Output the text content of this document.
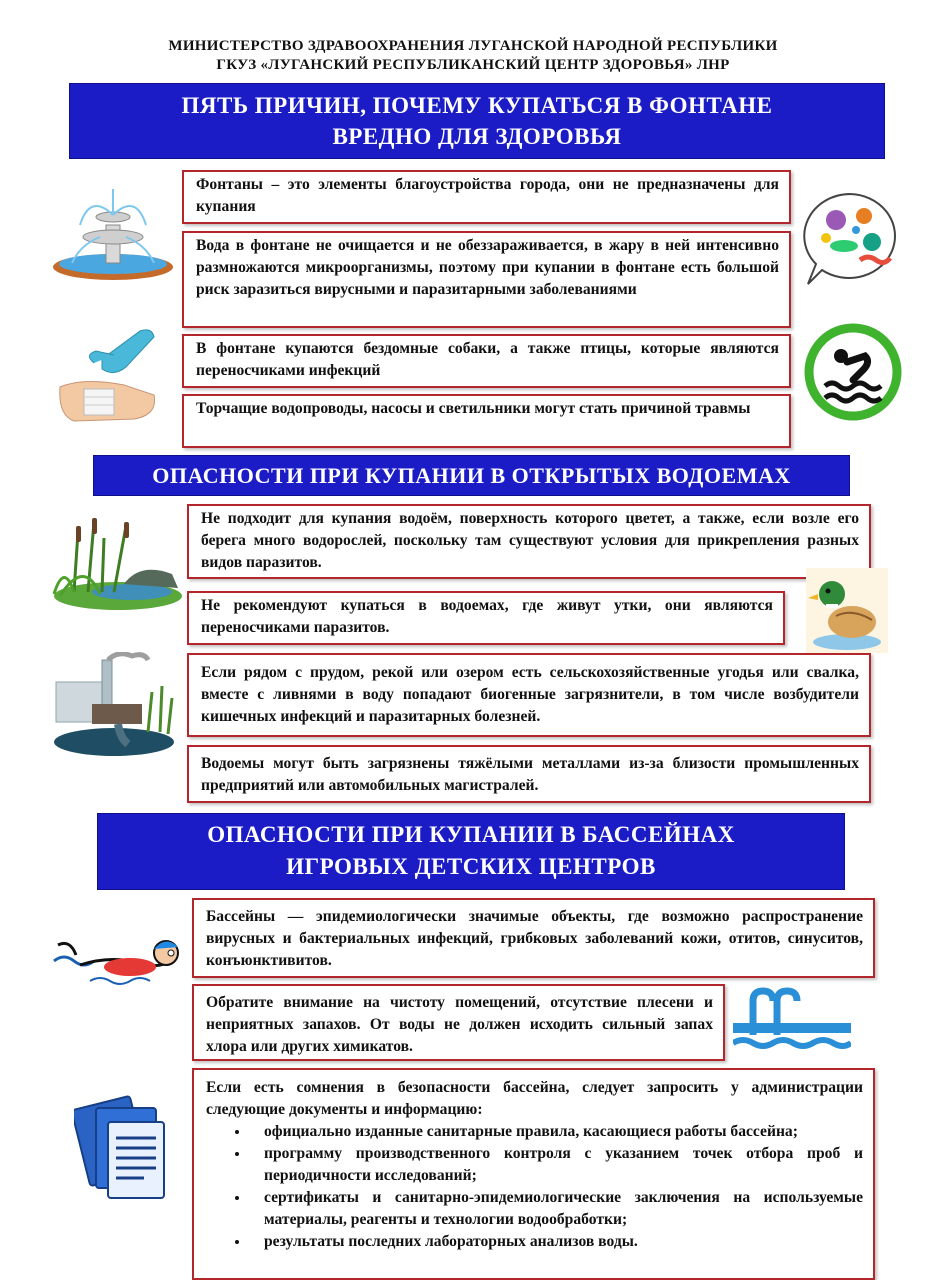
МИНИСТЕРСТВО ЗДРАВООХРАНЕНИЯ ЛУГАНСКОЙ НАРОДНОЙ РЕСПУБЛИКИ
ГКУЗ «ЛУГАНСКИЙ РЕСПУБЛИКАНСКИЙ ЦЕНТР ЗДОРОВЬЯ» ЛНР
ПЯТЬ ПРИЧИН, ПОЧЕМУ КУПАТЬСЯ В ФОНТАНЕ
ВРЕДНО ДЛЯ ЗДОРОВЬЯ
Фонтаны – это элементы благоустройства города, они не предназначены для купания
Вода в фонтане не очищается и не обеззараживается, в жару в ней интенсивно размножаются микроорганизмы, поэтому при купании в фонтане есть большой риск заразиться вирусными и паразитарными заболеваниями
В фонтане купаются бездомные собаки, а также птицы, которые являются переносчиками инфекций
Торчащие водопроводы, насосы и светильники могут стать причиной травмы
ОПАСНОСТИ ПРИ КУПАНИИ В ОТКРЫТЫХ ВОДОЕМАХ
Не подходит для купания водоём, поверхность которого цветет, а также, если возле его берега много водорослей, поскольку там существуют условия для прикрепления разных видов паразитов.
Не рекомендуют купаться в водоемах, где живут утки, они являются переносчиками паразитов.
Если рядом с прудом, рекой или озером есть сельскохозяйственные угодья или свалка, вместе с ливнями в воду попадают биогенные загрязнители, в том числе возбудители кишечных инфекций и паразитарных болезней.
Водоемы могут быть загрязнены тяжёлыми металлами из-за близости промышленных предприятий или автомобильных магистралей.
ОПАСНОСТИ ПРИ КУПАНИИ В БАССЕЙНАХ
ИГРОВЫХ ДЕТСКИХ ЦЕНТРОВ
Бассейны — эпидемиологически значимые объекты, где возможно распространение вирусных и бактериальных инфекций, грибковых заболеваний кожи, отитов, синуситов, конъюнктивитов.
Обратите внимание на чистоту помещений, отсутствие плесени и неприятных запахов. От воды не должен исходить сильный запах хлора или других химикатов.
Если есть сомнения в безопасности бассейна, следует запросить у администрации следующие документы и информацию:
• официально изданные санитарные правила, касающиеся работы бассейна;
• программу производственного контроля с указанием точек отбора проб и периодичности исследований;
• сертификаты и санитарно-эпидемиологические заключения на используемые материалы, реагенты и технологии водообработки;
• результаты последних лабораторных анализов воды.
